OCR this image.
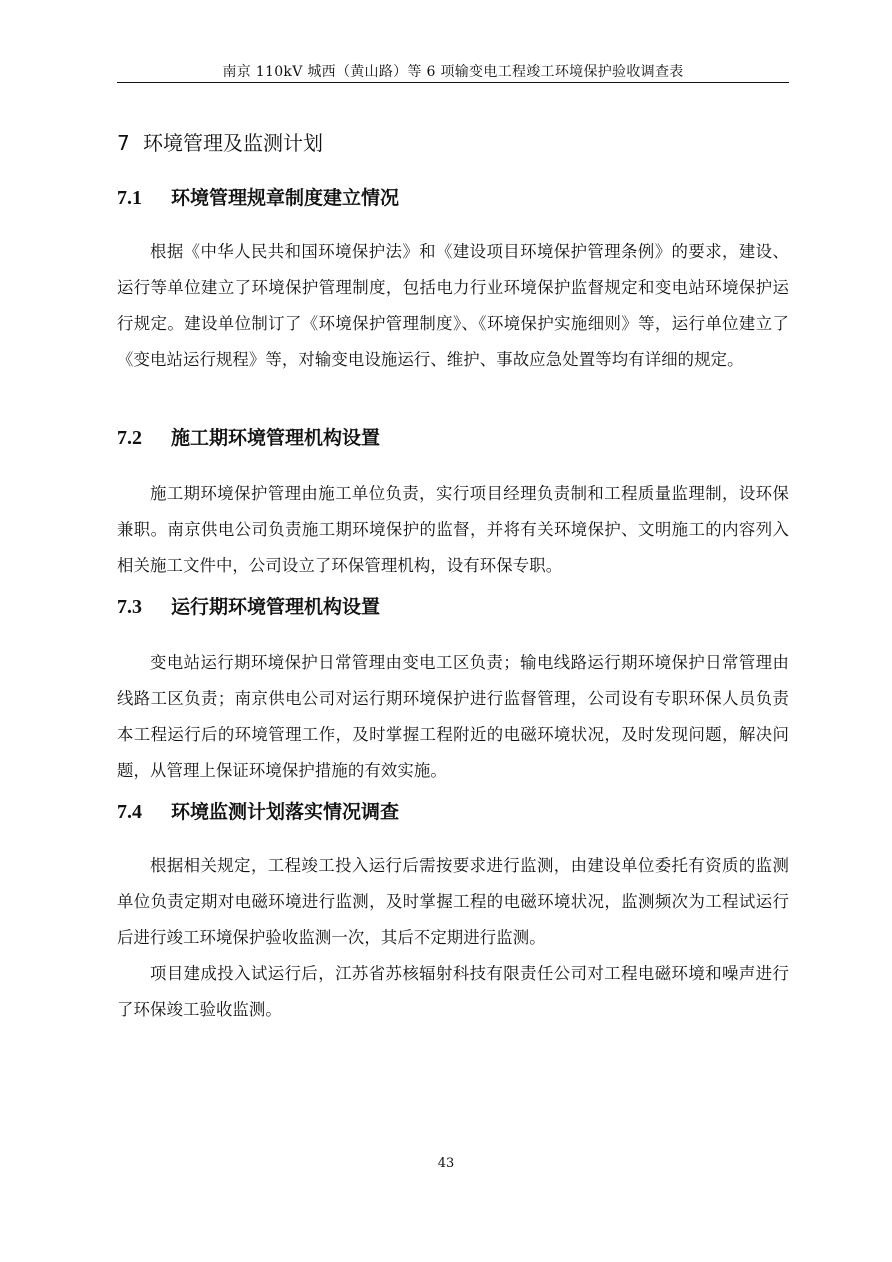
南京 110kV 城西（黄山路）等 6 项输变电工程竣工环境保护验收调查表
7 环境管理及监测计划
7.1 环境管理规章制度建立情况

根据《中华人民共和国环境保护法》和《建设项目环境保护管理条例》的要求，建设、运行等单位建立了环境保护管理制度，包括电力行业环境保护监督规定和变电站环境保护运行规定。建设单位制订了《环境保护管理制度》、《环境保护实施细则》等，运行单位建立了《变电站运行规程》等，对输变电设施运行、维护、事故应急处置等均有详细的规定。

7.2 施工期环境管理机构设置

施工期环境保护管理由施工单位负责，实行项目经理负责制和工程质量监理制，设环保兼职。南京供电公司负责施工期环境保护的监督，并将有关环境保护、文明施工的内容列入相关施工文件中，公司设立了环保管理机构，设有环保专职。

7.3 运行期环境管理机构设置

变电站运行期环境保护日常管理由变电工区负责；输电线路运行期环境保护日常管理由线路工区负责；南京供电公司对运行期环境保护进行监督管理，公司设有专职环保人员负责本工程运行后的环境管理工作，及时掌握工程附近的电磁环境状况，及时发现问题，解决问题，从管理上保证环境保护措施的有效实施。

7.4 环境监测计划落实情况调查

根据相关规定，工程竣工投入运行后需按要求进行监测，由建设单位委托有资质的监测单位负责定期对电磁环境进行监测，及时掌握工程的电磁环境状况，监测频次为工程试运行后进行竣工环境保护验收监测一次，其后不定期进行监测。

项目建成投入试运行后，江苏省苏核辐射科技有限责任公司对工程电磁环境和噪声进行了环保竣工验收监测。

43
